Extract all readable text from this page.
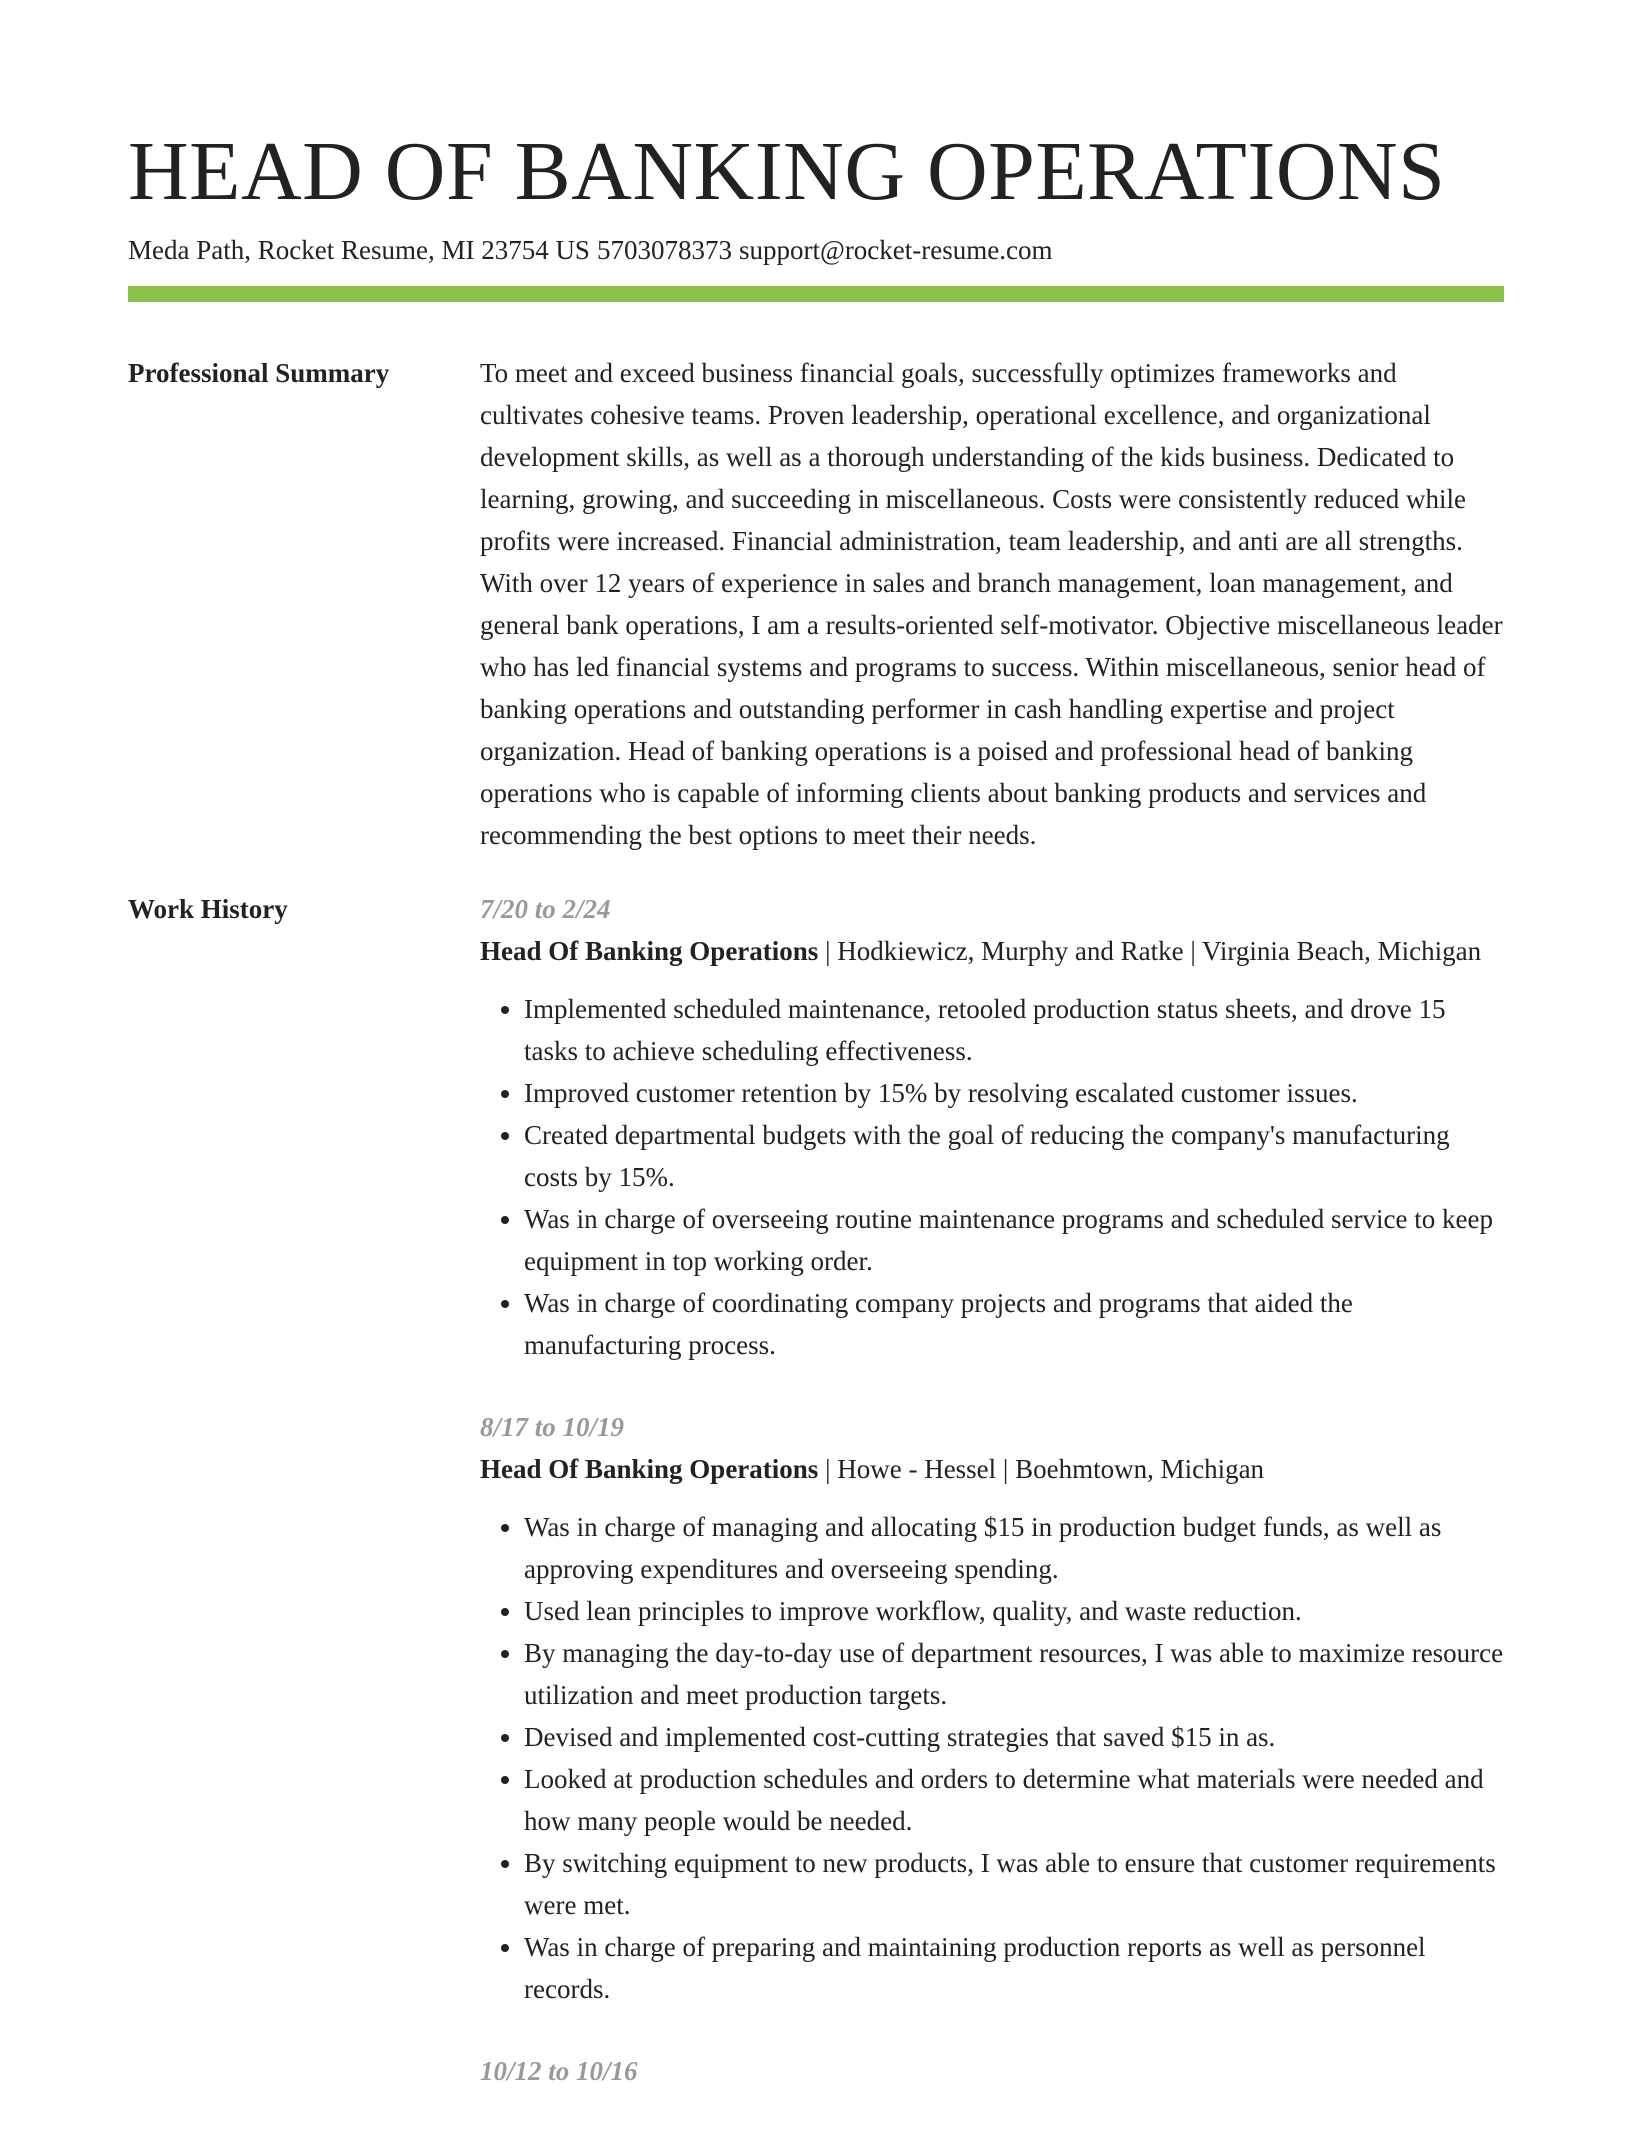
HEAD OF BANKING OPERATIONS
Meda Path, Rocket Resume, MI 23754 US 5703078373 support@rocket-resume.com
Professional Summary	To meet and exceed business financial goals, successfully optimizes frameworks and cultivates cohesive teams. Proven leadership, operational excellence, and organizational development skills, as well as a thorough understanding of the kids business. Dedicated to learning, growing, and succeeding in miscellaneous. Costs were consistently reduced while profits were increased. Financial administration, team leadership, and anti are all strengths. With over 12 years of experience in sales and branch management, loan management, and general bank operations, I am a results-oriented self-motivator. Objective miscellaneous leader who has led financial systems and programs to success. Within miscellaneous, senior head of banking operations and outstanding performer in cash handling expertise and project organization. Head of banking operations is a poised and professional head of banking operations who is capable of informing clients about banking products and services and recommending the best options to meet their needs.

Work History	7/20 to 2/24
Head Of Banking Operations | Hodkiewicz, Murphy and Ratke | Virginia Beach, Michigan
• Implemented scheduled maintenance, retooled production status sheets, and drove 15 tasks to achieve scheduling effectiveness.
• Improved customer retention by 15% by resolving escalated customer issues.
• Created departmental budgets with the goal of reducing the company's manufacturing costs by 15%.
• Was in charge of overseeing routine maintenance programs and scheduled service to keep equipment in top working order.
• Was in charge of coordinating company projects and programs that aided the manufacturing process.
8/17 to 10/19
Head Of Banking Operations | Howe - Hessel | Boehmtown, Michigan
• Was in charge of managing and allocating $15 in production budget funds, as well as approving expenditures and overseeing spending.
• Used lean principles to improve workflow, quality, and waste reduction.
• By managing the day-to-day use of department resources, I was able to maximize resource utilization and meet production targets.
• Devised and implemented cost-cutting strategies that saved $15 in as.
• Looked at production schedules and orders to determine what materials were needed and how many people would be needed.
• By switching equipment to new products, I was able to ensure that customer requirements were met.
• Was in charge of preparing and maintaining production reports as well as personnel records.
10/12 to 10/16
